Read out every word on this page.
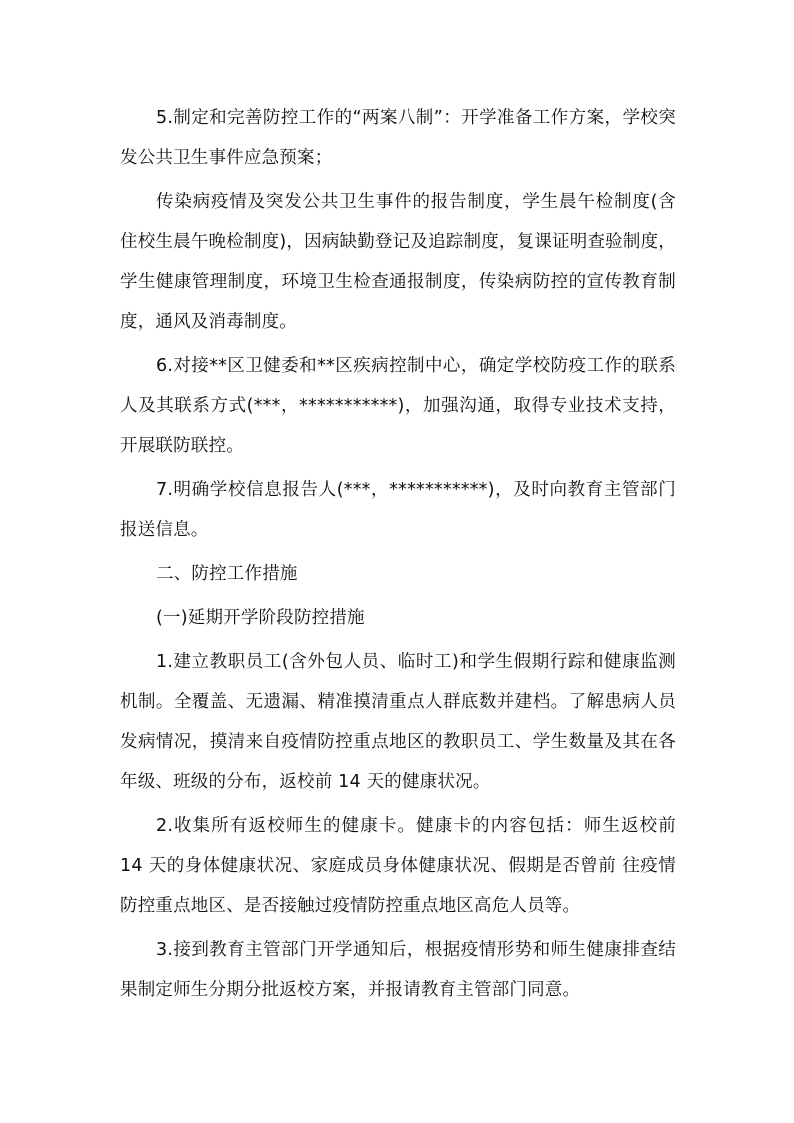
5.制定和完善防控工作的“两案八制”：开学准备工作方案，学校突发公共卫生事件应急预案；

传染病疫情及突发公共卫生事件的报告制度，学生晨午检制度(含住校生晨午晚检制度)，因病缺勤登记及追踪制度，复课证明查验制度，学生健康管理制度，环境卫生检查通报制度，传染病防控的宣传教育制度，通风及消毒制度。

6.对接**区卫健委和**区疾病控制中心，确定学校防疫工作的联系人及其联系方式(***，***********)，加强沟通，取得专业技术支持，开展联防联控。

7.明确学校信息报告人(***，***********)，及时向教育主管部门报送信息。

二、防控工作措施

(一)延期开学阶段防控措施

1.建立教职员工(含外包人员、临时工)和学生假期行踪和健康监测机制。全覆盖、无遗漏、精准摸清重点人群底数并建档。了解患病人员发病情况，摸清来自疫情防控重点地区的教职员工、学生数量及其在各年级、班级的分布，返校前 14 天的健康状况。

2.收集所有返校师生的健康卡。健康卡的内容包括：师生返校前 14 天的身体健康状况、家庭成员身体健康状况、假期是否曾前 往疫情防控重点地区、是否接触过疫情防控重点地区高危人员等。

3.接到教育主管部门开学通知后，根据疫情形势和师生健康排查结果制定师生分期分批返校方案，并报请教育主管部门同意。
